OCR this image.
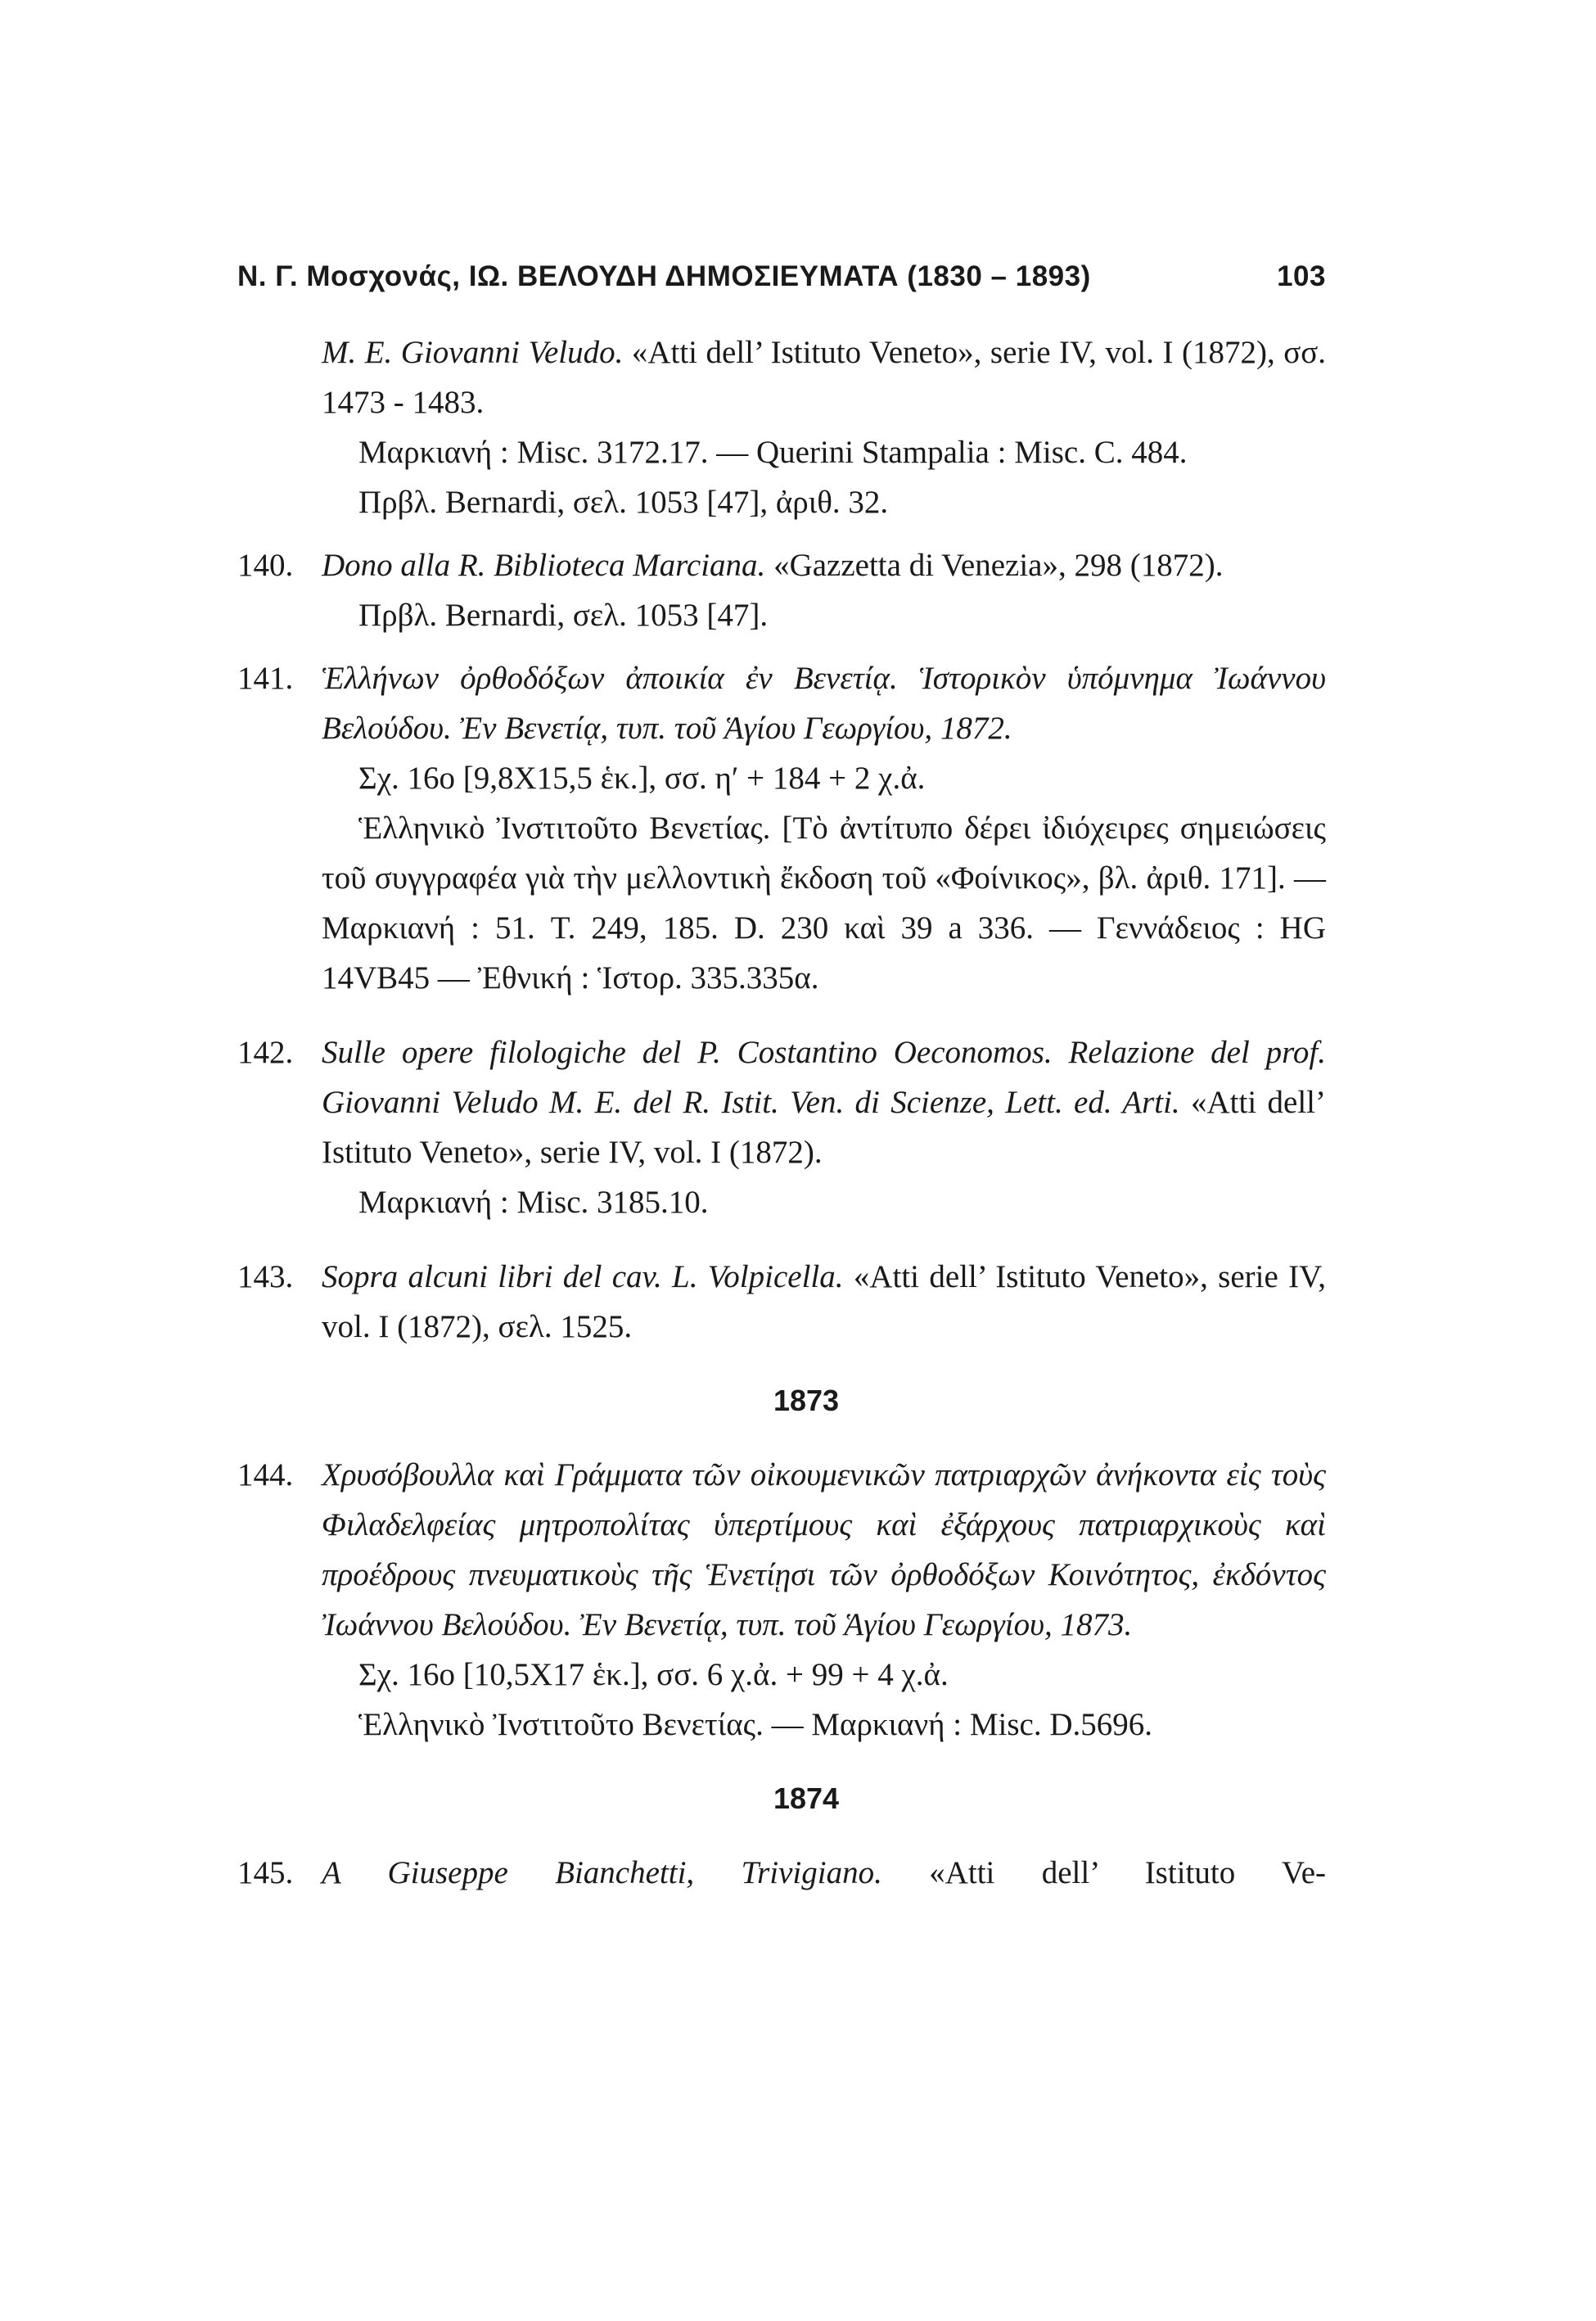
Ν. Γ. Μοσχονάς, ΙΩ. ΒΕΛΟΥΔΗ ΔΗΜΟΣΙΕΥΜΑΤΑ (1830 – 1893)	103
M. E. Giovanni Veludo. «Atti dell’ Istituto Veneto», serie IV, vol. I (1872), σσ. 1473 - 1483.
Μαρκιανή : Misc. 3172.17. — Querini Stampalia : Misc. C. 484.
Πρβλ. Bernardi, σελ. 1053 [47], ἀριθ. 32.
140. Dono alla R. Biblioteca Marciana. «Gazzetta di Venezia», 298 (1872).
Πρβλ. Bernardi, σελ. 1053 [47].
141. Ἑλλήνων ὀρθοδόξων ἀποικία ἐν Βενετίᾳ. Ἱστορικὸν ὑπόμνημα Ἰωάννου Βελούδου. Ἐν Βενετίᾳ, τυπ. τοῦ Ἁγίου Γεωργίου, 1872.
Σχ. 16ο [9,8Χ15,5 ἑκ.], σσ. η′ + 184 + 2 χ.ἀ.
Ἑλληνικὸ Ἰνστιτοῦτο Βενετίας. [Τὸ ἀντίτυπο δέρει ἰδιόχειρες σημειώσεις τοῦ συγγραφέα γιὰ τὴν μελλοντικὴ ἔκδοση τοῦ «Φοίνικος», βλ. ἀριθ. 171]. — Μαρκιανή : 51. T. 249, 185. D. 230 καὶ 39 a 336. — Γεννάδειος : HG 14VB45 — Ἐθνική : Ἱστορ. 335.335α.
142. Sulle opere filologiche del P. Costantino Oeconomos. Relazione del prof. Giovanni Veludo M. E. del R. Istit. Ven. di Scienze, Lett. ed. Arti. «Atti dell’ Istituto Veneto», serie IV, vol. I (1872).
Μαρκιανή : Misc. 3185.10.
143. Sopra alcuni libri del cav. L. Volpicella. «Atti dell’ Istituto Veneto», serie IV, vol. I (1872), σελ. 1525.
1873
144. Χρυσόβουλλα καὶ Γράμματα τῶν οἰκουμενικῶν πατριαρχῶν ἀνήκοντα εἰς τοὺς Φιλαδελφείας μητροπολίτας ὑπερτίμους καὶ ἐξάρχους πατριαρχικοὺς καὶ προέδρους πνευματικοὺς τῆς Ἑνετίῃσι τῶν ὀρθοδόξων Κοινότητος, ἐκδόντος Ἰωάννου Βελούδου. Ἐν Βενετίᾳ, τυπ. τοῦ Ἁγίου Γεωργίου, 1873.
Σχ. 16ο [10,5Χ17 ἑκ.], σσ. 6 χ.ἀ. + 99 + 4 χ.ἀ.
Ἑλληνικὸ Ἰνστιτοῦτο Βενετίας. — Μαρκιανή : Misc. D.5696.
1874
145. A Giuseppe Bianchetti, Trivigiano. «Atti dell’ Istituto Ve-
